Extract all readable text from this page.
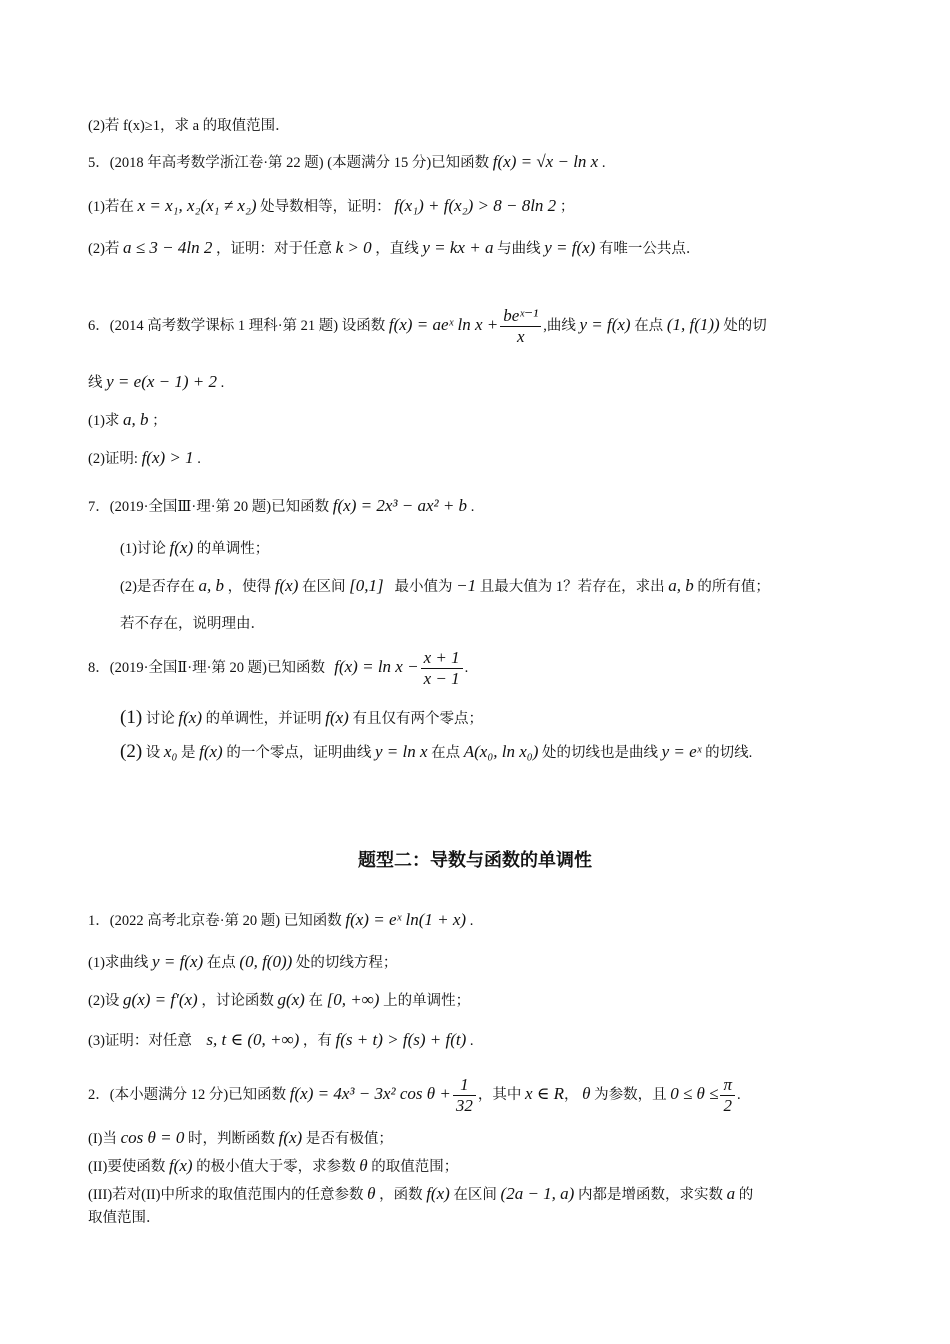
(2)若 f(x)≥1，求 a 的取值范围．
5．(2018 年高考数学浙江卷·第 22 题) (本题满分 15 分)已知函数 f(x) = √x − ln x .
(1)若在 x = x₁, x₂(x₁ ≠ x₂) 处导数相等，证明： f(x₁) + f(x₂) > 8 − 8ln 2 ；
(2)若 a ≤ 3 − 4ln 2 ，证明：对于任意 k > 0 ，直线 y = kx + a 与曲线 y = f(x) 有唯一公共点．
6．(2014 高考数学课标 1 理科·第 21 题) 设函数 f(x) = aeˣ $\ln x + \frac{\text{beˣ⁻¹}}{x}$ ,曲线 y = f(x) 在点 (1, f(1)) 处的切
线 y = e(x − 1) + 2 .
(1)求 a, b ；
(2)证明: f(x) > 1 .
7．(2019·全国Ⅲ·理·第 20 题)已知函数 f(x) = 2x³ − ax² + b .
(1)讨论 f(x) 的单调性；
(2)是否存在 a, b ，使得 f(x) 在区间 [0,1] 最小值为 −1 且最大值为 1？若存在，求出 a, b 的所有值；
若不存在，说明理由．
8．(2019·全国Ⅱ·理·第 20 题)已知函数 $f(x) = \ln x - \frac{x + 1}{x - 1}$ .
(1) 讨论 f(x) 的单调性，并证明 f(x) 有且仅有两个零点；
(2) 设 x₀ 是 f(x) 的一个零点，证明曲线 y = ln x 在点 A(x₀, ln x₀) 处的切线也是曲线 y = eˣ 的切线.
题型二：导数与函数的单调性
1．(2022 高考北京卷·第 20 题) 已知函数 f(x) = eˣ ln(1 + x) .
(1)求曲线 y = f(x) 在点 (0, f(0)) 处的切线方程；
(2)设 g(x) = f′(x) ，讨论函数 g(x) 在 [0, +∞) 上的单调性；
(3)证明：对任意 s, t ∈ (0, +∞) ，有 f(s + t) > f(s) + f(t) .
2．(本小题满分 12 分)已知函数 f(x) = 4x³ − 3x² $\cos \theta + \frac{1}{32}$ ，其中 x ∈ R， θ 为参数，且 $0 \le \theta \le \frac{\pi}{2}$ .
(I)当 cos θ = 0 时，判断函数 f(x) 是否有极值；
(II)要使函数 f(x) 的极小值大于零，求参数 θ 的取值范围；
(III)若对(II)中所求的取值范围内的任意参数 θ ，函数 f(x) 在区间 (2a − 1, a) 内都是增函数，求实数 a 的
取值范围．
